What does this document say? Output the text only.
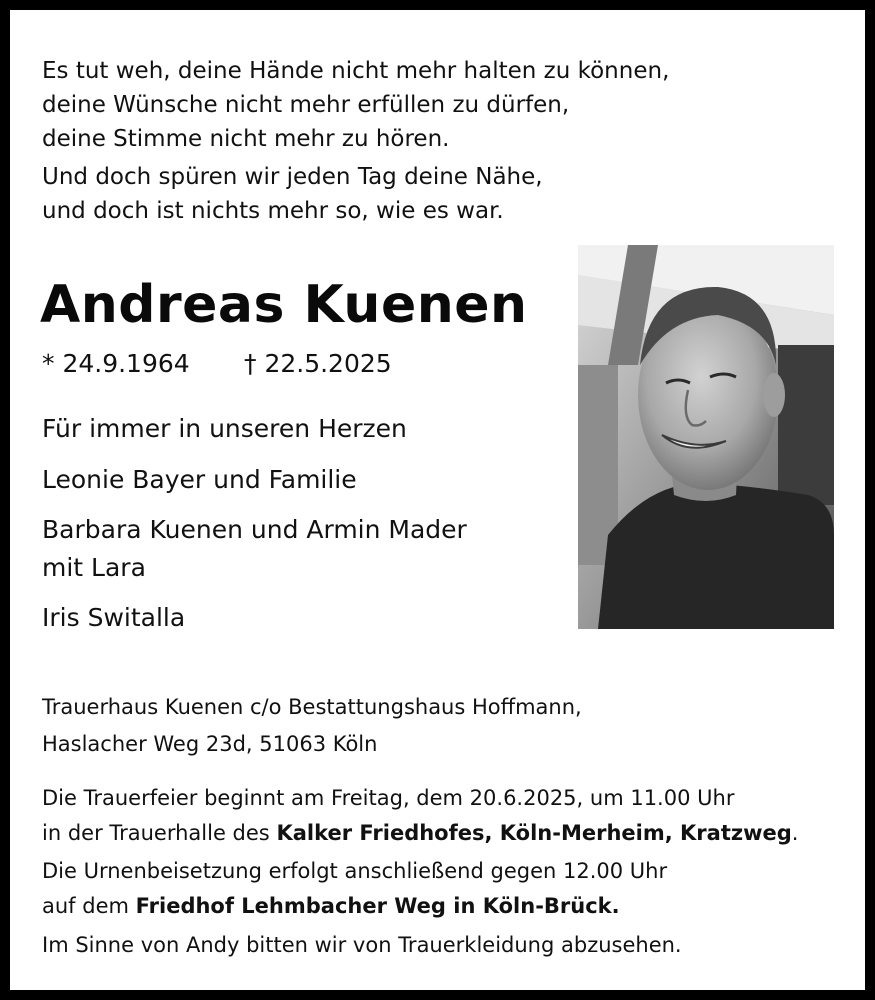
Es tut weh, deine Hände nicht mehr halten zu können,

deine Wünsche nicht mehr erfüllen zu dürfen,

deine Stimme nicht mehr zu hören.

Und doch spüren wir jeden Tag deine Nähe,

und doch ist nichts mehr so, wie es war.

Andreas Kuenen

* 24.9.1964 † 22.5.2025

Für immer in unseren Herzen

Leonie Bayer und Familie

Barbara Kuenen und Armin Mader

mit Lara

Iris Switalla

Trauerhaus Kuenen c/o Bestattungshaus Hoffmann,

Haslacher Weg 23d, 51063 Köln

Die Trauerfeier beginnt am Freitag, dem 20.6.2025, um 11.00 Uhr

in der Trauerhalle des Kalker Friedhofes, Köln-Merheim, Kratzweg.

Die Urnenbeisetzung erfolgt anschließend gegen 12.00 Uhr

auf dem Friedhof Lehmbacher Weg in Köln-Brück.

Im Sinne von Andy bitten wir von Trauerkleidung abzusehen.
